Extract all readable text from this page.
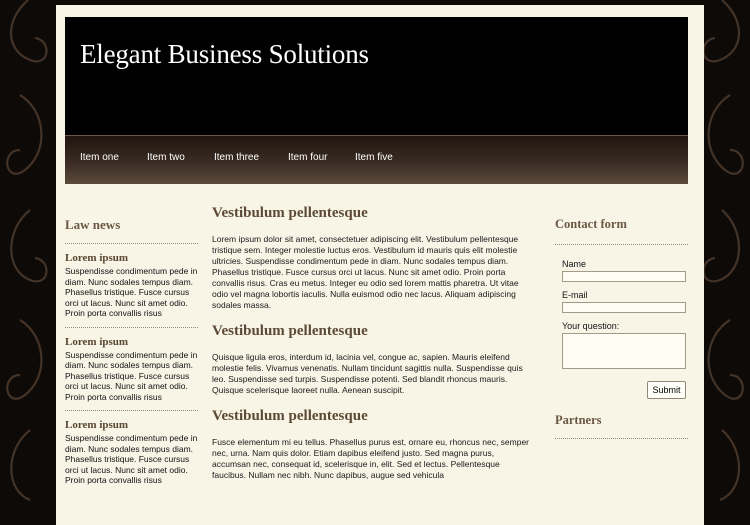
Elegant Business Solutions
Item one	Item two	Item three	Item four	Item five
Law news

Lorem ipsum

Suspendisse condimentum pede in diam. Nunc sodales tempus diam. Phasellus tristique. Fusce cursus orci ut lacus. Nunc sit amet odio. Proin porta convallis risus

Lorem ipsum

Suspendisse condimentum pede in diam. Nunc sodales tempus diam. Phasellus tristique. Fusce cursus orci ut lacus. Nunc sit amet odio. Proin porta convallis risus

Lorem ipsum

Suspendisse condimentum pede in diam. Nunc sodales tempus diam. Phasellus tristique. Fusce cursus orci ut lacus. Nunc sit amet odio. Proin porta convallis risus

Vestibulum pellentesque

Lorem ipsum dolor sit amet, consectetuer adipiscing elit. Vestibulum pellentesque tristique sem. Integer molestie luctus eros. Vestibulum id mauris quis elit molestie ultricies. Suspendisse condimentum pede in diam. Nunc sodales tempus diam. Phasellus tristique. Fusce cursus orci ut lacus. Nunc sit amet odio. Proin porta convallis risus. Cras eu metus. Integer eu odio sed lorem mattis pharetra. Ut vitae odio vel magna lobortis iaculis. Nulla euismod odio nec lacus. Aliquam adipiscing sodales massa.

Vestibulum pellentesque

Quisque ligula eros, interdum id, lacinia vel, congue ac, sapien. Mauris eleifend molestie felis. Vivamus venenatis. Nullam tincidunt sagittis nulla. Suspendisse quis leo. Suspendisse sed turpis. Suspendisse potenti. Sed blandit rhoncus mauris. Quisque scelerisque laoreet nulla. Aenean suscipit.

Vestibulum pellentesque

Fusce elementum mi eu tellus. Phasellus purus est, ornare eu, rhoncus nec, semper nec, urna. Nam quis dolor. Etiam dapibus eleifend justo. Sed magna purus, accumsan nec, consequat id, scelerisque in, elit. Sed et lectus. Pellentesque faucibus. Nullam nec nibh. Nunc dapibus, augue sed vehicula

Contact form
Name
E-mail
Your question:
Submit
Partners
